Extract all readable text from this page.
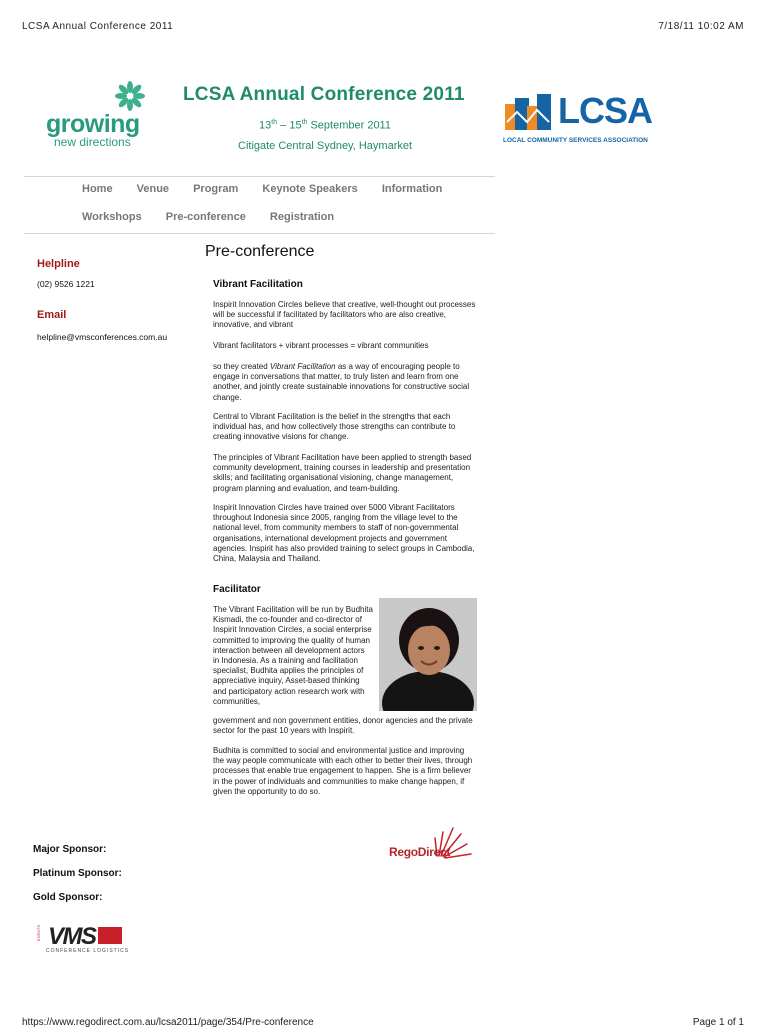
LCSA Annual Conference 2011	7/18/11 10:02 AM
growing
new directions
LCSA Annual Conference 2011
13th – 15th September 2011
Citigate Central Sydney, Haymarket
LCSA
LOCAL COMMUNITY SERVICES ASSOCIATION
Home Venue Program Keynote Speakers Information
Workshops Pre-conference Registration
Helpline
(02) 9526 1221
Email
helpline@vmsconferences.com.au
Pre-conference
Vibrant Facilitation
Inspirit Innovation Circles believe that creative, well-thought out processes will be successful if facilitated by facilitators who are also creative, innovative, and vibrant
Vibrant facilitators + vibrant processes = vibrant communities
so they created Vibrant Facilitation as a way of encouraging people to engage in conversations that matter, to truly listen and learn from one another, and jointly create sustainable innovations for constructive social change.
Central to Vibrant Facilitation is the belief in the strengths that each individual has, and how collectively those strengths can contribute to creating innovative visions for change.
The principles of Vibrant Facilitation have been applied to strength based community development, training courses in leadership and presentation skills; and facilitating organisational visioning, change management, program planning and evaluation, and team-building.
Inspirit Innovation Circles have trained over 5000 Vibrant Facilitators throughout Indonesia since 2005, ranging from the village level to the national level, from community members to staff of non-governmental organisations, international development projects and government agencies. Inspirit has also provided training to select groups in Cambodia, China, Malaysia and Thailand.
Facilitator
The Vibrant Facilitation will be run by Budhita Kismadi, the co-founder and co-director of Inspirit Innovation Circles, a social enterprise committed to improving the quality of human interaction between all development actors in Indonesia. As a training and facilitation specialist, Budhita applies the principles of appreciative inquiry, Asset-based thinking and participatory action research work with communities,
government and non government entities, donor agencies and the private sector for the past 10 years with Inspirit.
Budhita is committed to social and environmental justice and improving the way people communicate with each other to better their lives, through processes that enable true engagement to happen. She is a firm believer in the power of individuals and communities to make change happen, if given the opportunity to do so.
Major Sponsor:
Platinum Sponsor:
Gold Sponsor:
RegoDirect
EVENTS VMS
CONFERENCE LOGISTICS
https://www.regodirect.com.au/lcsa2011/page/354/Pre-conference	Page 1 of 1
